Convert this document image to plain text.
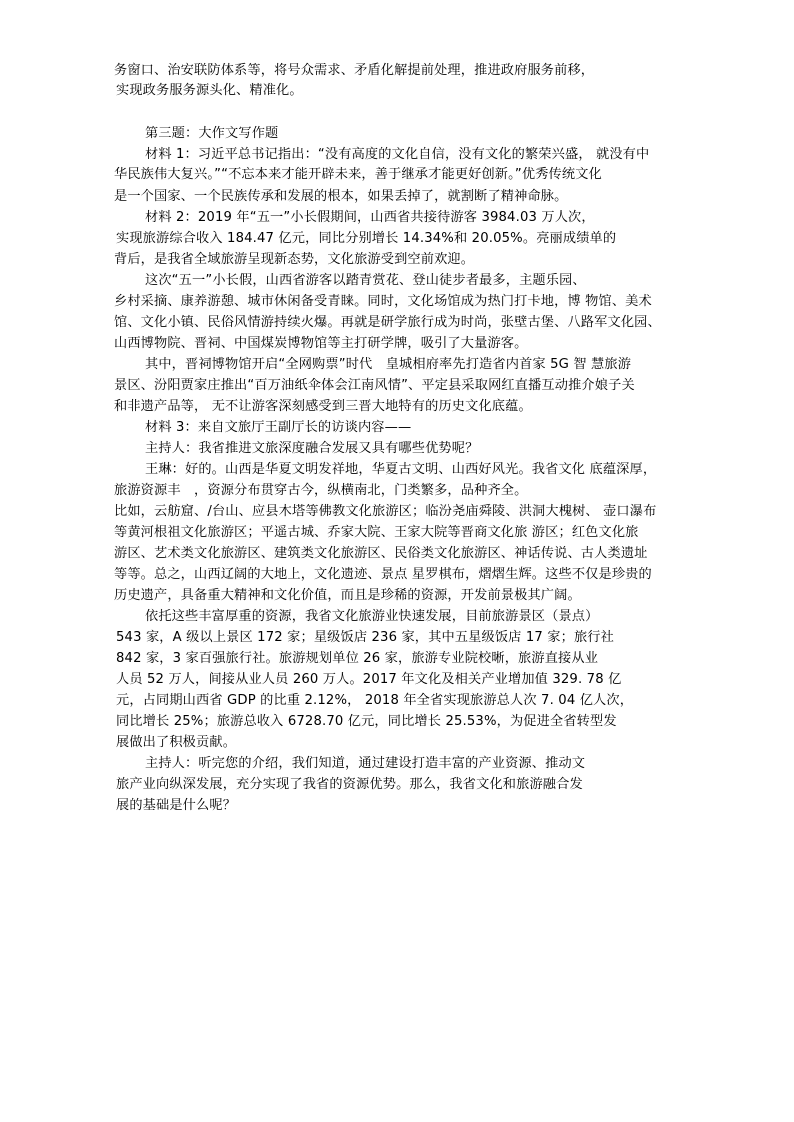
务窗口、治安联防体系等，将号众需求、矛盾化解提前处理，推进政府服务前移，
实现政务服务源头化、精准化。
第三题：大作文写作题
材料 1：习近平总书记指出：“没有高度的文化自信，没有文化的繁荣兴盛， 就没有中
华民族伟大复兴。”“不忘本来才能开辟未来，善于继承才能更好创新。”优秀传统文化
是一个国家、一个民族传承和发展的根本，如果丢掉了，就割断了精神命脉。
材料 2：2019 年“五一”小长假期间，山西省共接待游客 3984.03 万人次，
实现旅游综合收入 184.47 亿元，同比分别增长 14.34%和 20.05%。亮丽成绩单的
背后，是我省全域旅游呈现新态势，文化旅游受到空前欢迎。
这次“五一”小长假，山西省游客以踏青赏花、登山徒步者最多，主题乐园、
乡村采摘、康养游憩、城市休闲备受青睐。同时，文化场馆成为热门打卡地，博 物馆、美术
馆、文化小镇、民俗风情游持续火爆。再就是研学旅行成为时尚，张壁古堡、八路军文化园、
山西博物院、晋祠、中国煤炭博物馆等主打研学牌，吸引了大量游客。
其中，晋祠博物馆开启“全网购票”时代　皇城相府率先打造省内首家 5G 智 慧旅游
景区、汾阳贾家庄推出“百万油纸伞体会江南风情”、平定县采取网红直播互动推介娘子关
和非遗产品等， 无不让游客深刻感受到三晋大地特有的历史文化底蕴。
材料 3：来自文旅厅王副厅长的访谈内容——
主持人：我省推进文旅深度融合发展又具有哪些优势呢？
王琳：好的。山西是华夏文明发祥地，华夏古文明、山西好风光。我省文化 底蕴深厚，
旅游资源丰　，资源分布贯穿古今，纵横南北，门类繁多，品种齐全。
比如，云舫窟、/台山、应县木塔等佛教文化旅游区；临汾尧庙舜陵、洪洞大槐树、 壶口瀑布
等黄河根祖文化旅游区；平遥古城、乔家大院、王家大院等晋商文化旅 游区；红色文化旅
游区、艺术类文化旅游区、建筑类文化旅游区、民俗类文化旅游区、神话传说、古人类遗址
等等。总之，山西辽阔的大地上，文化遗迹、景点 星罗棋布，熠熠生辉。这些不仅是珍贵的
历史遗产，具备重大精神和文化价值，而且是珍稀的资源，开发前景极其广阔。
依托这些丰富厚重的资源，我省文化旅游业快速发展，目前旅游景区（景点）
543 家，A 级以上景区 172 家；星级饭店 236 家，其中五星级饭店 17 家；旅行社
842 家，3 家百强旅行社。旅游规划单位 26 家，旅游专业院校晰，旅游直接从业
人员 52 万人，间接从业人员 260 万人。2017 年文化及相关产业增加值 329. 78 亿
元，占同期山西省 GDP 的比重 2.12%， 2018 年全省实现旅游总人次 7. 04 亿人次，
同比增长 25%；旅游总收入 6728.70 亿元，同比增长 25.53%，为促进全省转型发
展做出了积极贡献。
主持人：听完您的介绍，我们知道，通过建设打造丰富的产业资源、推动文
旅产业向纵深发展，充分实现了我省的资源优势。那么，我省文化和旅游融合发
展的基础是什么呢？
